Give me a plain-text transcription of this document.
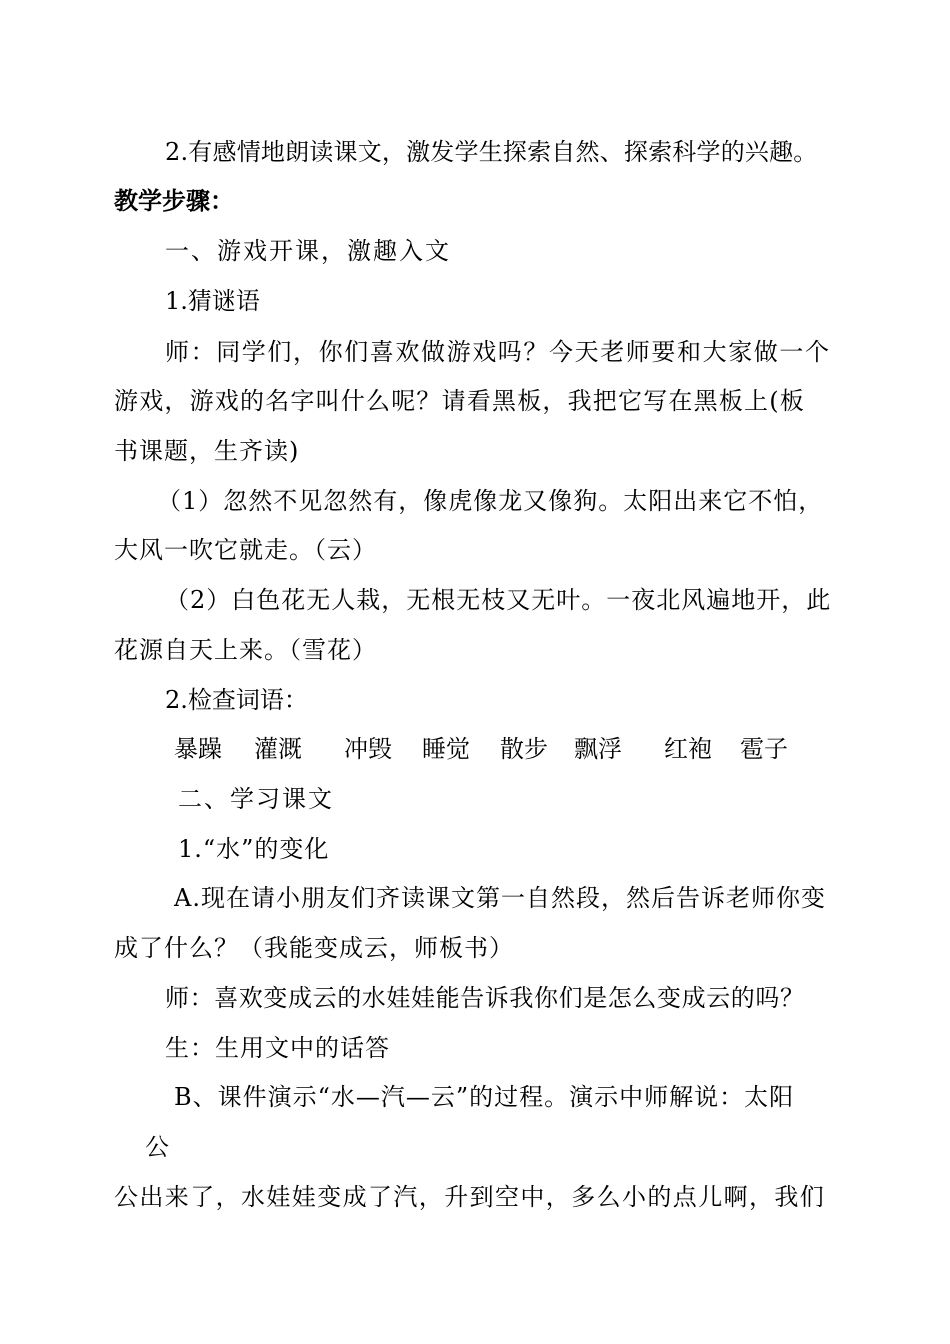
2.有感情地朗读课文，激发学生探索自然、探索科学的兴趣。
教学步骤：
一、游戏开课，激趣入文
1.猜谜语
师：同学们，你们喜欢做游戏吗？今天老师要和大家做一个
游戏，游戏的名字叫什么呢？请看黑板，我把它写在黑板上(板
书课题，生齐读)
（1）忽然不见忽然有，像虎像龙又像狗。太阳出来它不怕，
大风一吹它就走。（云）
（2）白色花无人栽，无根无枝又无叶。一夜北风遍地开，此
花源自天上来。（雪花）
2.检查词语：
暴躁 灌溉 冲毁 睡觉 散步 飘浮 红袍 雹子
二、学习课文
1.“水”的变化
A.现在请小朋友们齐读课文第一自然段，然后告诉老师你变
成了什么？（我能变成云，师板书）
师：喜欢变成云的水娃娃能告诉我你们是怎么变成云的吗？
生：生用文中的话答
B、课件演示“水—汽—云”的过程。演示中师解说：太阳
公
公出来了，水娃娃变成了汽，升到空中，多么小的点儿啊，我们
